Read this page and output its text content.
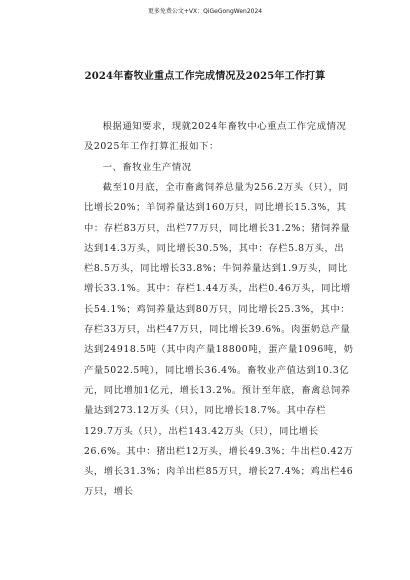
更多免费公文+VX：QiGeGongWen2024
2024年畜牧业重点工作完成情况及2025年工作打算

根据通知要求，现就2024年畜牧中心重点工作完成情况及2025年工作打算汇报如下：

一、畜牧业生产情况

截至10月底，全市畜禽饲养总量为256.2万头（只），同比增长20%；羊饲养量达到160万只，同比增长15.3%，其中：存栏83万只，出栏77万只，同比增长31.2%；猪饲养量达到14.3万头，同比增长30.5%，其中：存栏5.8万头，出栏8.5万头，同比增长33.8%；牛饲养量达到1.9万头，同比增长33.1%。其中：存栏1.44万头，出栏0.46万头，同比增长54.1%；鸡饲养量达到80万只，同比增长25.3%，其中：存栏33万只，出栏47万只，同比增长39.6%。肉蛋奶总产量达到24918.5吨（其中肉产量18800吨，蛋产量1096吨，奶产量5022.5吨），同比增长36.4%。畜牧业产值达到10.3亿元，同比增加1亿元，增长13.2%。预计至年底，畜禽总饲养量达到273.12万头（只），同比增长18.7%。其中存栏129.7万头（只），出栏143.42万头（只），同比增长26.6%。其中：猪出栏12万头，增长49.3%；牛出栏0.42万头，增长31.3%；肉羊出栏85万只，增长27.4%；鸡出栏46万只，增长
